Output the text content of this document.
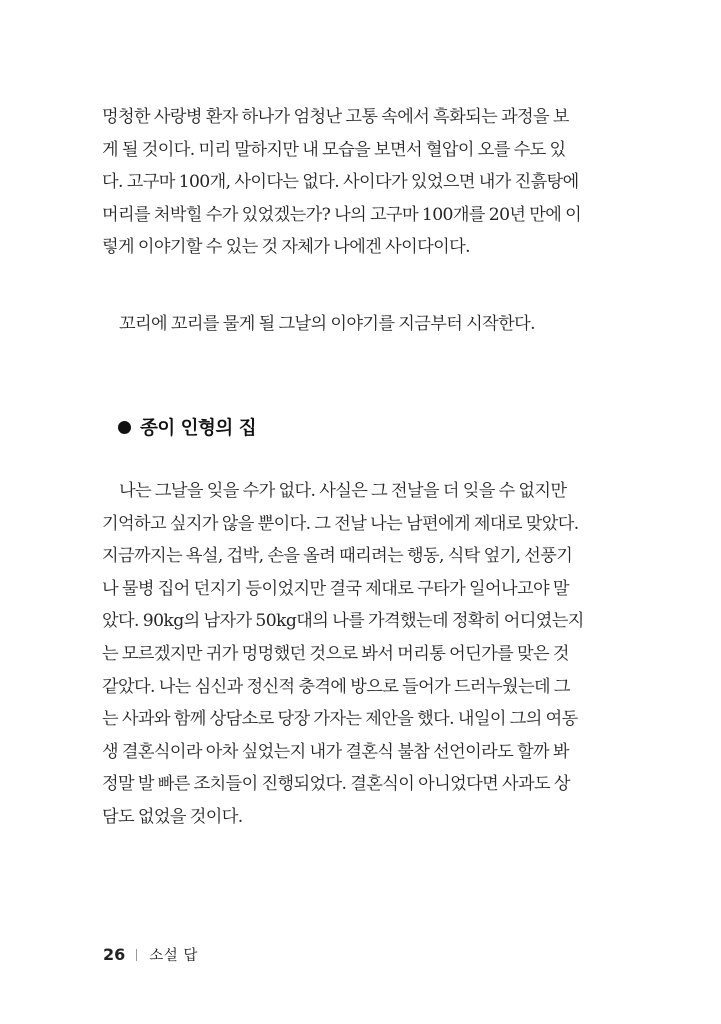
멍청한 사랑병 환자 하나가 엄청난 고통 속에서 흑화되는 과정을 보
게 될 것이다. 미리 말하지만 내 모습을 보면서 혈압이 오를 수도 있
다. 고구마 100개, 사이다는 없다. 사이다가 있었으면 내가 진흙탕에
머리를 처박힐 수가 있었겠는가? 나의 고구마 100개를 20년 만에 이
렇게 이야기할 수 있는 것 자체가 나에겐 사이다이다.
꼬리에 꼬리를 물게 될 그날의 이야기를 지금부터 시작한다.
종이 인형의 집
나는 그날을 잊을 수가 없다. 사실은 그 전날을 더 잊을 수 없지만
기억하고 싶지가 않을 뿐이다. 그 전날 나는 남편에게 제대로 맞았다.
지금까지는 욕설, 겁박, 손을 올려 때리려는 행동, 식탁 엎기, 선풍기
나 물병 집어 던지기 등이었지만 결국 제대로 구타가 일어나고야 말
았다. 90kg의 남자가 50kg대의 나를 가격했는데 정확히 어디였는지
는 모르겠지만 귀가 멍멍했던 것으로 봐서 머리통 어딘가를 맞은 것
같았다. 나는 심신과 정신적 충격에 방으로 들어가 드러누웠는데 그
는 사과와 함께 상담소로 당장 가자는 제안을 했다. 내일이 그의 여동
생 결혼식이라 아차 싶었는지 내가 결혼식 불참 선언이라도 할까 봐
정말 발 빠른 조치들이 진행되었다. 결혼식이 아니었다면 사과도 상
담도 없었을 것이다.
26 소설 답
